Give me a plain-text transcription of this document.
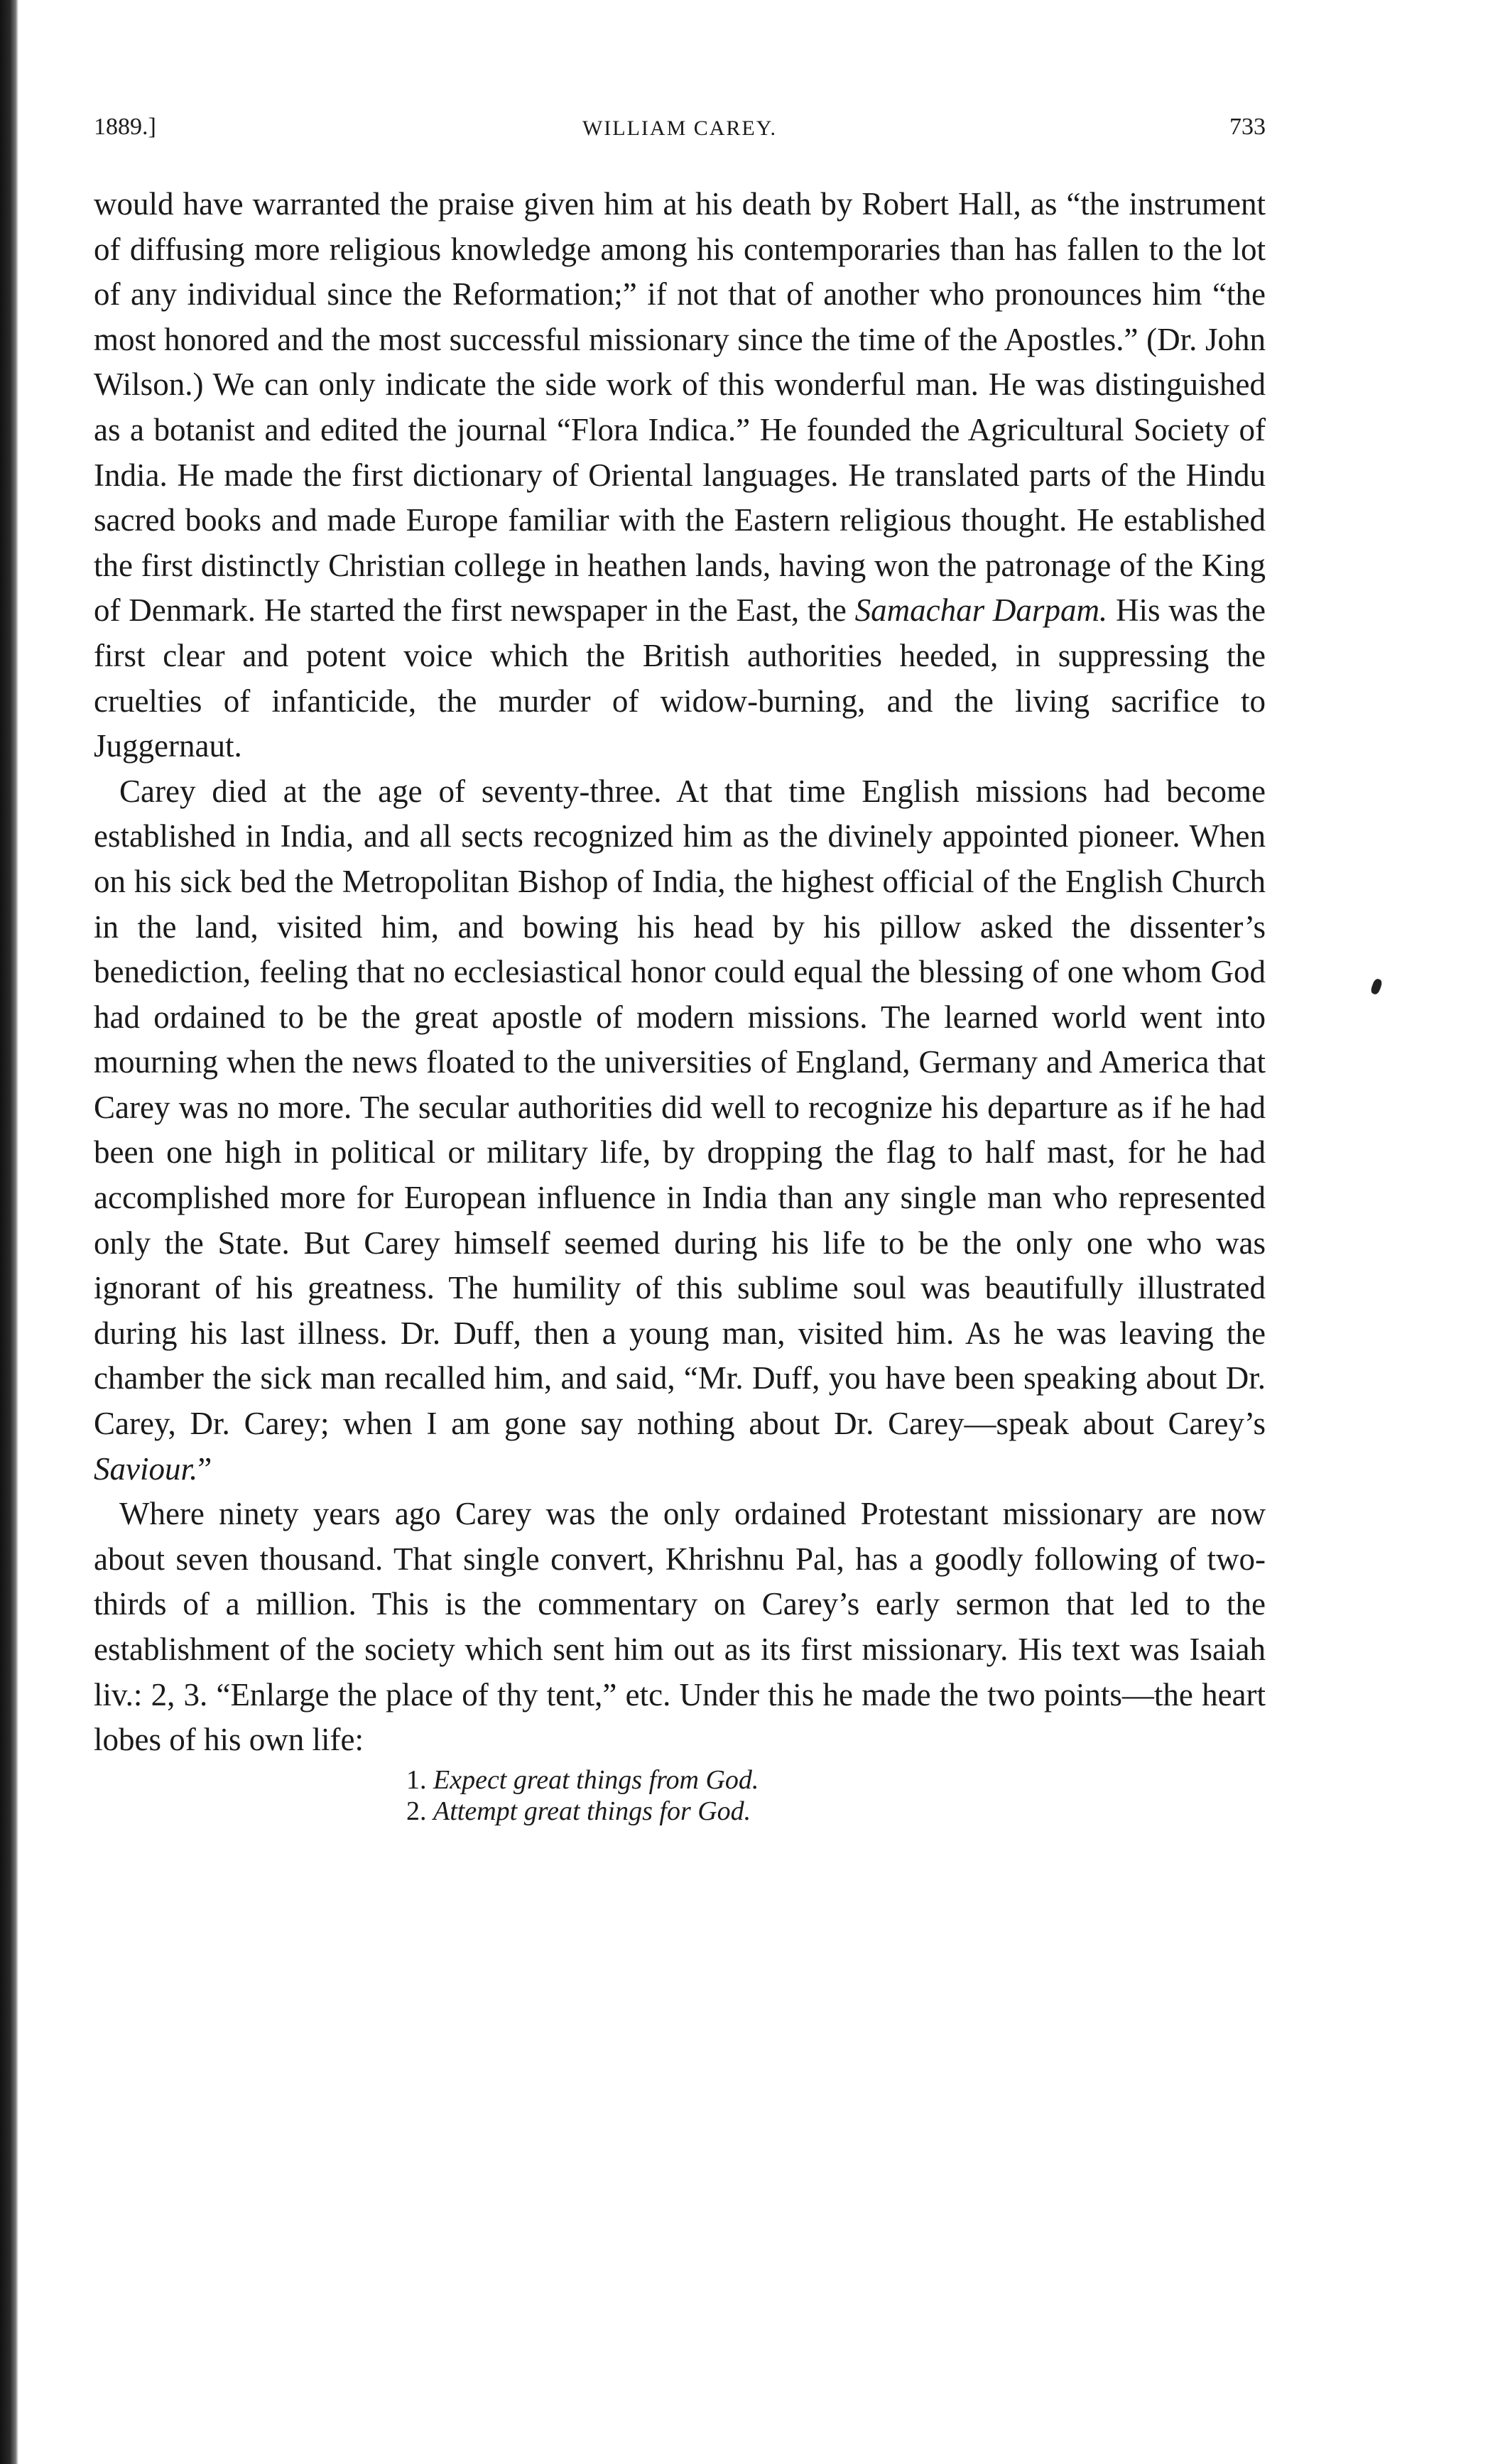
1889.]	WILLIAM CAREY.	733

would have warranted the praise given him at his death by Robert Hall, as “the instrument of diffusing more religious knowledge among his contemporaries than has fallen to the lot of any individual since the Reformation;” if not that of another who pronounces him “the most honored and the most successful missionary since the time of the Apostles.” (Dr. John Wilson.) We can only indicate the side work of this wonderful man. He was distinguished as a botanist and edited the journal “Flora Indica.” He founded the Agricultural Society of India. He made the first dictionary of Oriental languages. He translated parts of the Hindu sacred books and made Europe familiar with the Eastern religious thought. He established the first distinctly Christian college in heathen lands, having won the patronage of the King of Denmark. He started the first newspaper in the East, the Samachar Darpam. His was the first clear and potent voice which the British authorities heeded, in suppressing the cruelties of infanticide, the murder of widow-burning, and the living sacrifice to Juggernaut.

Carey died at the age of seventy-three. At that time English missions had become established in India, and all sects recognized him as the divinely appointed pioneer. When on his sick bed the Metropolitan Bishop of India, the highest official of the English Church in the land, visited him, and bowing his head by his pillow asked the dissenter’s benediction, feeling that no ecclesiastical honor could equal the blessing of one whom God had ordained to be the great apostle of modern missions. The learned world went into mourning when the news floated to the universities of England, Germany and America that Carey was no more. The secular authorities did well to recognize his departure as if he had been one high in political or military life, by dropping the flag to half mast, for he had accomplished more for European influence in India than any single man who represented only the State. But Carey himself seemed during his life to be the only one who was ignorant of his greatness. The humility of this sublime soul was beautifully illustrated during his last illness. Dr. Duff, then a young man, visited him. As he was leaving the chamber the sick man recalled him, and said, “Mr. Duff, you have been speaking about Dr. Carey, Dr. Carey; when I am gone say nothing about Dr. Carey—speak about Carey’s Saviour.”

Where ninety years ago Carey was the only ordained Protestant missionary are now about seven thousand. That single convert, Khrishnu Pal, has a goodly following of two-thirds of a million. This is the commentary on Carey’s early sermon that led to the establishment of the society which sent him out as its first missionary. His text was Isaiah liv.: 2, 3. “Enlarge the place of thy tent,” etc. Under this he made the two points—the heart lobes of his own life:

1. Expect great things from God.
2. Attempt great things for God.
